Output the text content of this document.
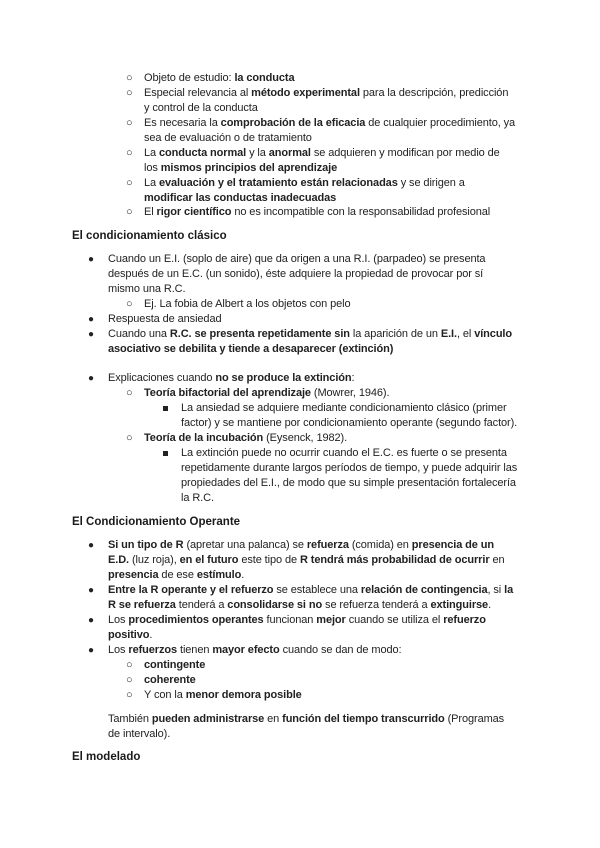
○ Objeto de estudio: la conducta
○ Especial relevancia al método experimental para la descripción, predicción
y control de la conducta
○ Es necesaria la comprobación de la eficacia de cualquier procedimiento, ya
sea de evaluación o de tratamiento
○ La conducta normal y la anormal se adquieren y modifican por medio de
los mismos principios del aprendizaje
○ La evaluación y el tratamiento están relacionadas y se dirigen a
modificar las conductas inadecuadas
○ El rigor científico no es incompatible con la responsabilidad profesional
El condicionamiento clásico
● Cuando un E.I. (soplo de aire) que da origen a una R.I. (parpadeo) se presenta
después de un E.C. (un sonido), éste adquiere la propiedad de provocar por sí
mismo una R.C.
○ Ej. La fobia de Albert a los objetos con pelo
● Respuesta de ansiedad
● Cuando una R.C. se presenta repetidamente sin la aparición de un E.I., el vínculo
asociativo se debilita y tiende a desaparecer (extinción)
● Explicaciones cuando no se produce la extinción:
○ Teoría bifactorial del aprendizaje (Mowrer, 1946).
La ansiedad se adquiere mediante condicionamiento clásico (primer
factor) y se mantiene por condicionamiento operante (segundo factor).
○ Teoría de la incubación (Eysenck, 1982).
La extinción puede no ocurrir cuando el E.C. es fuerte o se presenta
repetidamente durante largos períodos de tiempo, y puede adquirir las
propiedades del E.I., de modo que su simple presentación fortalecería
la R.C.
El Condicionamiento Operante
● Si un tipo de R (apretar una palanca) se refuerza (comida) en presencia de un
E.D. (luz roja), en el futuro este tipo de R tendrá más probabilidad de ocurrir en
presencia de ese estímulo.
● Entre la R operante y el refuerzo se establece una relación de contingencia, si la
R se refuerza tenderá a consolidarse si no se refuerza tenderá a extinguirse.
● Los procedimientos operantes funcionan mejor cuando se utiliza el refuerzo
positivo.
● Los refuerzos tienen mayor efecto cuando se dan de modo:
○ contingente
○ coherente
○ Y con la menor demora posible
También pueden administrarse en función del tiempo transcurrido (Programas
de intervalo).
El modelado
